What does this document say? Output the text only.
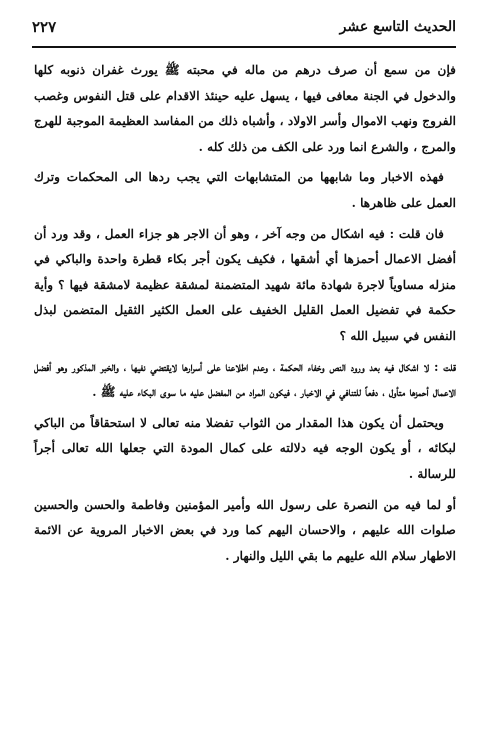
الحديث التاسع عشر
٢٢٧

فإن من سمع أن صرف درهم من ماله في محبته ﷺ يورث غفران ذنوبه كلها والدخول في الجنة معافى فيها ، يسهل عليه حينئذ الاقدام على قتل النفوس وغصب الفروج ونهب الاموال وأسر الاولاد ، وأشباه ذلك من المفاسد العظيمة الموجبة للهرج والمرج ، والشرع انما ورد على الكف من ذلك كله .

فهذه الاخبار وما شابهها من المتشابهات التي يجب ردها الى المحكمات وترك العمل على ظاهرها .

فان قلت : فيه اشكال من وجه آخر ، وهو أن الاجر هو جزاء العمل ، وقد ورد أن أفضل الاعمال أحمزها أي أشقها ، فكيف يكون أجر بكاء قطرة واحدة والباكي في منزله مساوياً لاجرة شهادة مائة شهيد المتضمنة لمشقة عظيمة لامشقة فيها ؟ وأية حكمة في تفضيل العمل القليل الخفيف على العمل الكثير الثقيل المتضمن لبذل النفس في سبيل الله ؟

قلت : لا اشكال فيه بعد ورود النص وخفاء الحكمة ، وعدم اطلاعنا على أسرارها لايقتضي نفيها ، والخبر المذكور وهو أفضل الاعمال أحمزها متأول ، دفعاً للتنافي في الاخبار ، فيكون المراد من المفضل عليه ما سوى البكاء عليه ﷺ .

ويحتمل أن يكون هذا المقدار من الثواب تفضلا منه تعالى لا استحقاقاً من الباكي لبكائه ، أو يكون الوجه فيه دلالته على كمال المودة التي جعلها الله تعالى أجراً للرسالة .

أو لما فيه من النصرة على رسول الله وأمير المؤمنين وفاطمة والحسن والحسين صلوات الله عليهم ، والاحسان اليهم كما ورد في بعض الاخبار المروية عن الائمة الاطهار سلام الله عليهم ما بقي الليل والنهار .
